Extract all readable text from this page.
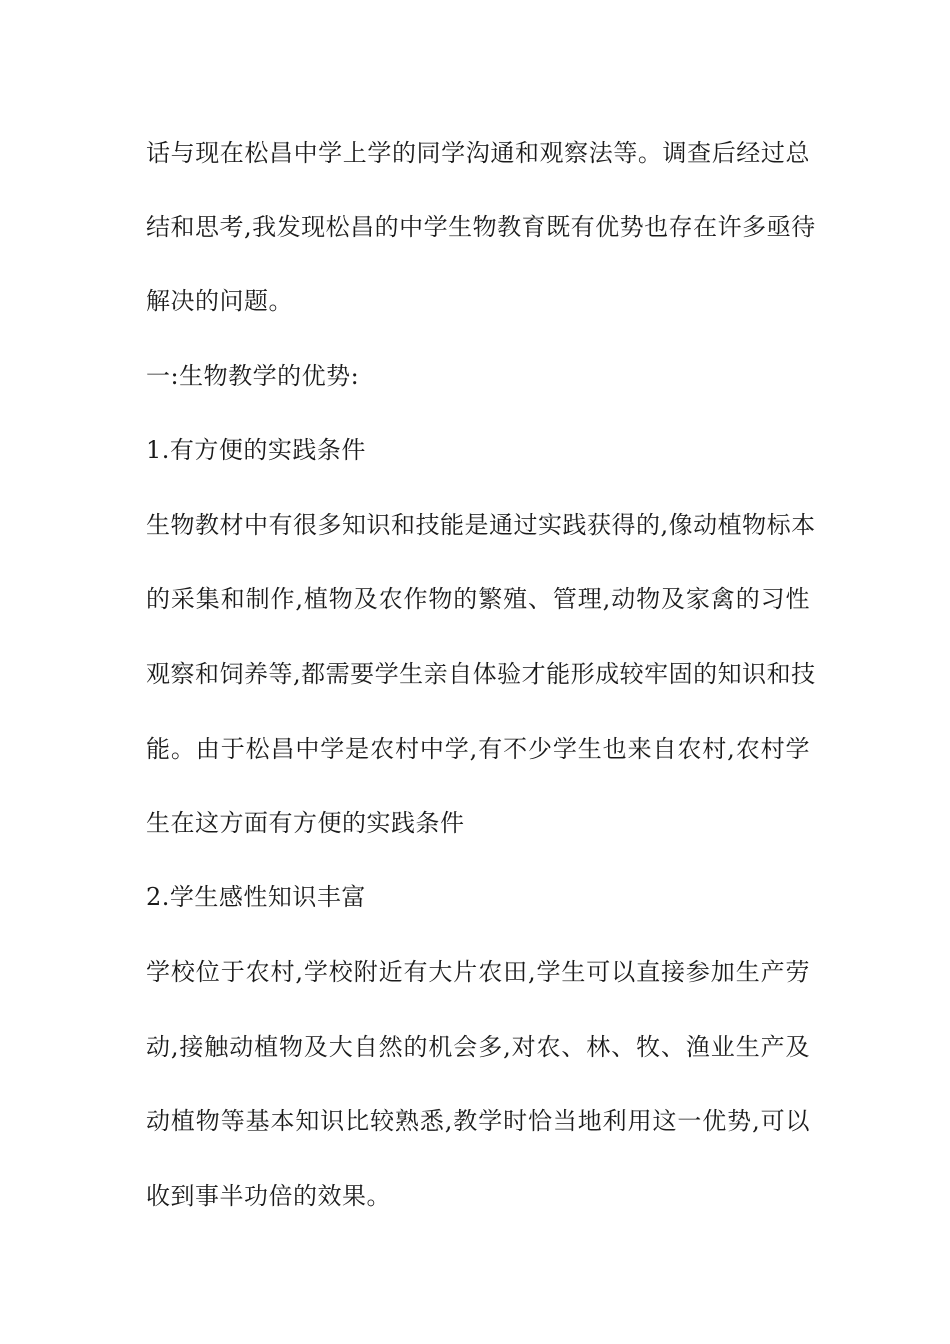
话与现在松昌中学上学的同学沟通和观察法等。调查后经过总
结和思考,我发现松昌的中学生物教育既有优势也存在许多亟待
解决的问题。
一:生物教学的优势:
1.有方便的实践条件
生物教材中有很多知识和技能是通过实践获得的,像动植物标本
的采集和制作,植物及农作物的繁殖、管理,动物及家禽的习性
观察和饲养等,都需要学生亲自体验才能形成较牢固的知识和技
能。由于松昌中学是农村中学,有不少学生也来自农村,农村学
生在这方面有方便的实践条件
2.学生感性知识丰富
学校位于农村,学校附近有大片农田,学生可以直接参加生产劳
动,接触动植物及大自然的机会多,对农、林、牧、渔业生产及
动植物等基本知识比较熟悉,教学时恰当地利用这一优势,可以
收到事半功倍的效果。
